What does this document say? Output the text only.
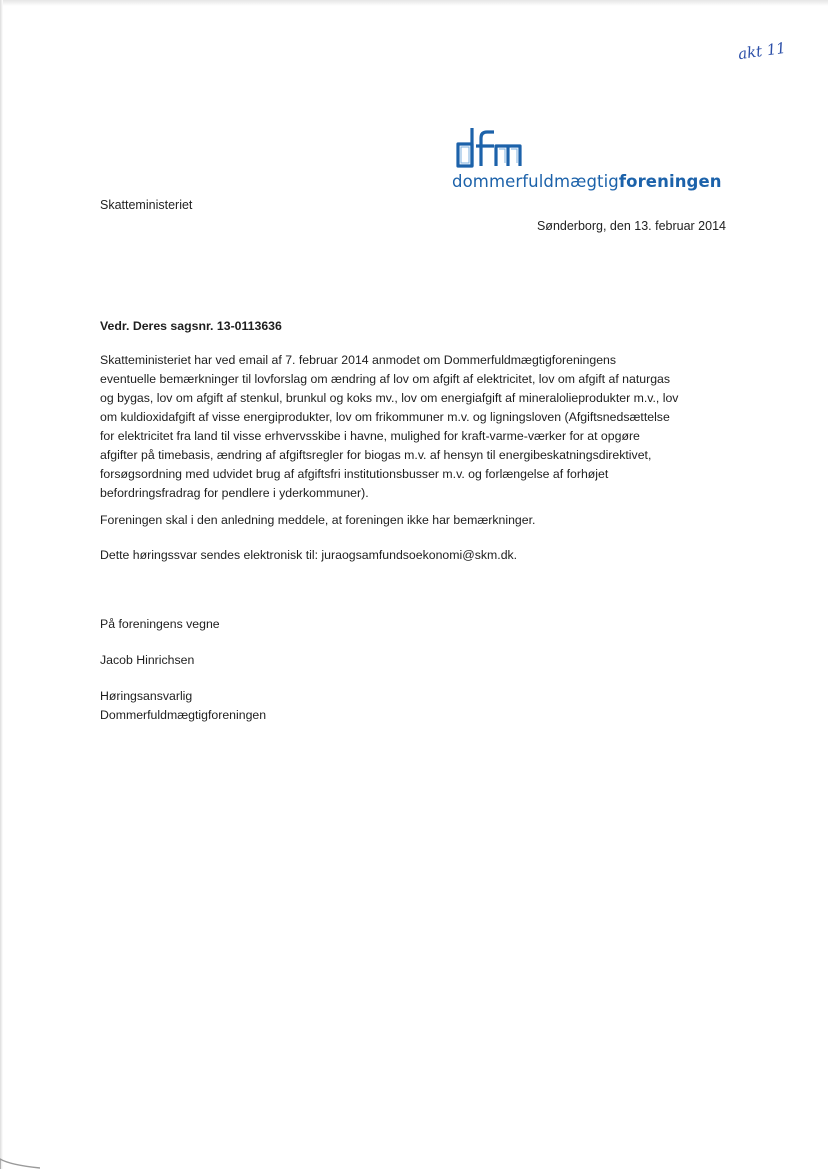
akt 11
dommerfuldmægtigforeningen
Skatteministeriet
Sønderborg, den 13. februar 2014

Vedr. Deres sagsnr. 13-0113636

Skatteministeriet har ved email af 7. februar 2014 anmodet om Dommerfuldmægtigforeningens
eventuelle bemærkninger til lovforslag om ændring af lov om afgift af elektricitet, lov om afgift af naturgas
og bygas, lov om afgift af stenkul, brunkul og koks mv., lov om energiafgift af mineralolieprodukter m.v., lov
om kuldioxidafgift af visse energiprodukter, lov om frikommuner m.v. og ligningsloven (Afgiftsnedsættelse
for elektricitet fra land til visse erhvervsskibe i havne, mulighed for kraft-varme-værker for at opgøre
afgifter på timebasis, ændring af afgiftsregler for biogas m.v. af hensyn til energibeskatningsdirektivet,
forsøgsordning med udvidet brug af afgiftsfri institutionsbusser m.v. og forlængelse af forhøjet
befordringsfradrag for pendlere i yderkommuner).

Foreningen skal i den anledning meddele, at foreningen ikke har bemærkninger.

Dette høringssvar sendes elektronisk til: juraogsamfundsoekonomi@skm.dk.

På foreningens vegne

Jacob Hinrichsen

Høringsansvarlig

Dommerfuldmægtigforeningen
